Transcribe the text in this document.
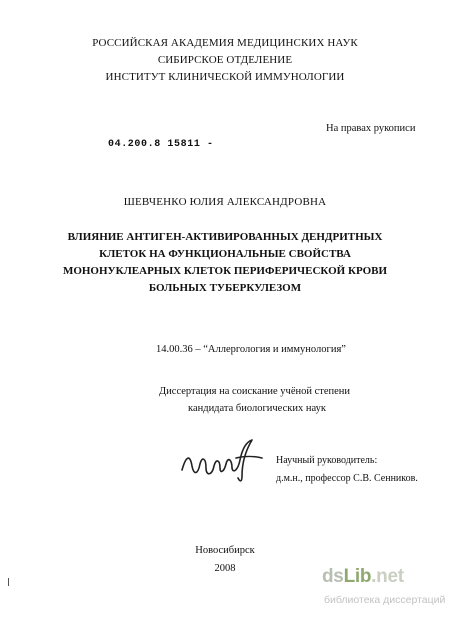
РОССИЙСКАЯ АКАДЕМИЯ МЕДИЦИНСКИХ НАУК
СИБИРСКОЕ ОТДЕЛЕНИЕ
ИНСТИТУТ КЛИНИЧЕСКОЙ ИММУНОЛОГИИ
На правах рукописи
04.200.8 15811 -
ШЕВЧЕНКО ЮЛИЯ АЛЕКСАНДРОВНА
ВЛИЯНИЕ АНТИГЕН-АКТИВИРОВАННЫХ ДЕНДРИТНЫХ
КЛЕТОК НА ФУНКЦИОНАЛЬНЫЕ СВОЙСТВА
МОНОНУКЛЕАРНЫХ КЛЕТОК ПЕРИФЕРИЧЕСКОЙ КРОВИ
БОЛЬНЫХ ТУБЕРКУЛЕЗОМ
14.00.36 – “Аллергология и иммунология”
Диссертация на соискание учёной степени
кандидата биологических наук
Научный руководитель:
д.м.н., профессор С.В. Сенников.
Новосибирск
2008	dsLib.net
библиотека диссертаций
